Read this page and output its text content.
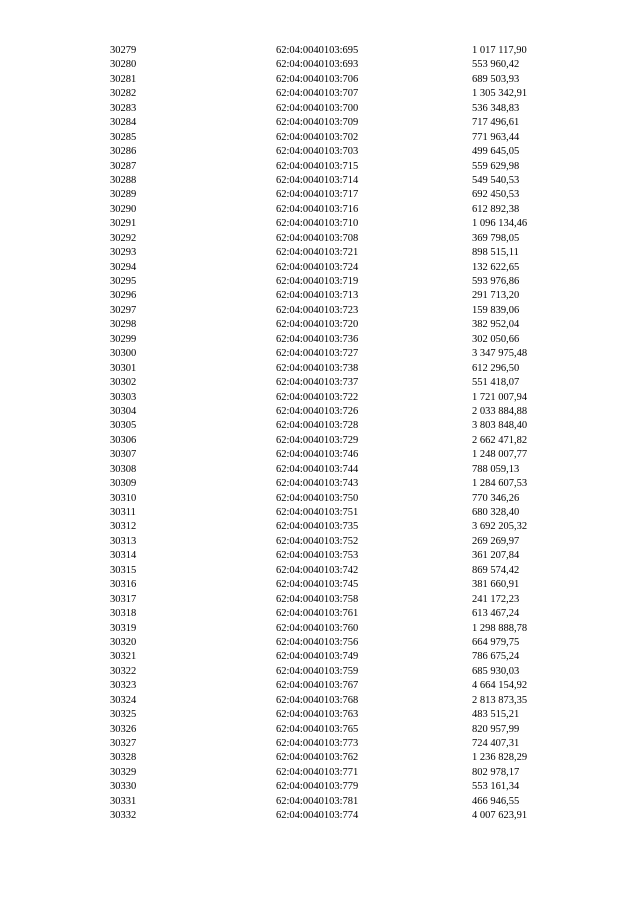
30279	62:04:0040103:695	1 017 117,90
30280	62:04:0040103:693	553 960,42
30281	62:04:0040103:706	689 503,93
30282	62:04:0040103:707	1 305 342,91
30283	62:04:0040103:700	536 348,83
30284	62:04:0040103:709	717 496,61
30285	62:04:0040103:702	771 963,44
30286	62:04:0040103:703	499 645,05
30287	62:04:0040103:715	559 629,98
30288	62:04:0040103:714	549 540,53
30289	62:04:0040103:717	692 450,53
30290	62:04:0040103:716	612 892,38
30291	62:04:0040103:710	1 096 134,46
30292	62:04:0040103:708	369 798,05
30293	62:04:0040103:721	898 515,11
30294	62:04:0040103:724	132 622,65
30295	62:04:0040103:719	593 976,86
30296	62:04:0040103:713	291 713,20
30297	62:04:0040103:723	159 839,06
30298	62:04:0040103:720	382 952,04
30299	62:04:0040103:736	302 050,66
30300	62:04:0040103:727	3 347 975,48
30301	62:04:0040103:738	612 296,50
30302	62:04:0040103:737	551 418,07
30303	62:04:0040103:722	1 721 007,94
30304	62:04:0040103:726	2 033 884,88
30305	62:04:0040103:728	3 803 848,40
30306	62:04:0040103:729	2 662 471,82
30307	62:04:0040103:746	1 248 007,77
30308	62:04:0040103:744	788 059,13
30309	62:04:0040103:743	1 284 607,53
30310	62:04:0040103:750	770 346,26
30311	62:04:0040103:751	680 328,40
30312	62:04:0040103:735	3 692 205,32
30313	62:04:0040103:752	269 269,97
30314	62:04:0040103:753	361 207,84
30315	62:04:0040103:742	869 574,42
30316	62:04:0040103:745	381 660,91
30317	62:04:0040103:758	241 172,23
30318	62:04:0040103:761	613 467,24
30319	62:04:0040103:760	1 298 888,78
30320	62:04:0040103:756	664 979,75
30321	62:04:0040103:749	786 675,24
30322	62:04:0040103:759	685 930,03
30323	62:04:0040103:767	4 664 154,92
30324	62:04:0040103:768	2 813 873,35
30325	62:04:0040103:763	483 515,21
30326	62:04:0040103:765	820 957,99
30327	62:04:0040103:773	724 407,31
30328	62:04:0040103:762	1 236 828,29
30329	62:04:0040103:771	802 978,17
30330	62:04:0040103:779	553 161,34
30331	62:04:0040103:781	466 946,55
30332	62:04:0040103:774	4 007 623,91
